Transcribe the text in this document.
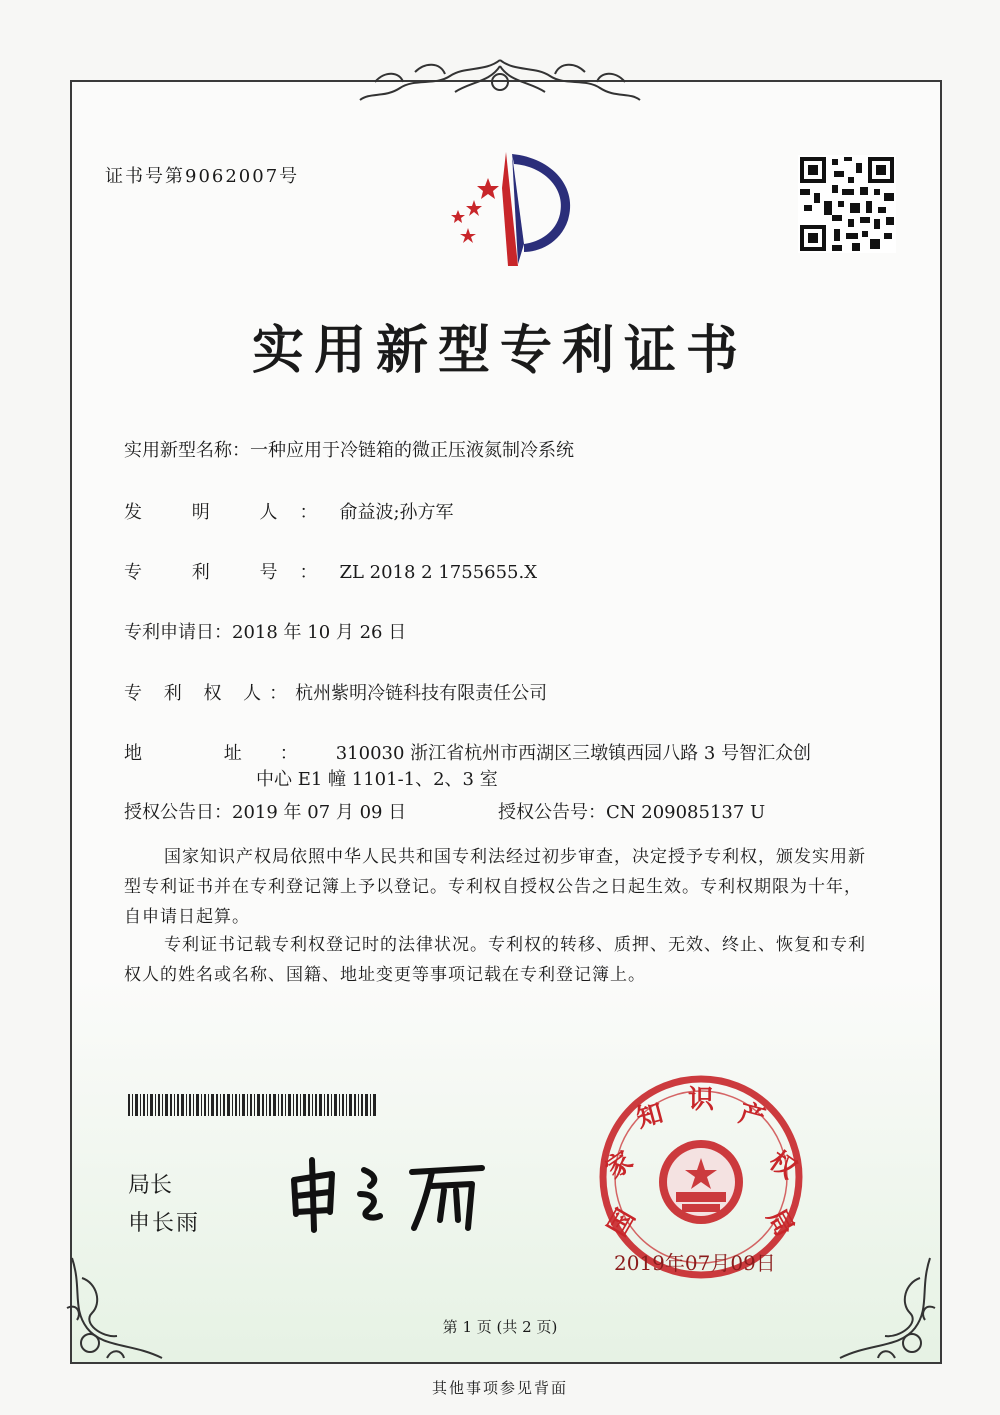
证书号第9062007号
实用新型专利证书
实用新型名称：一种应用于冷链箱的微正压液氮制冷系统
发 明 人：俞益波;孙方军
专 利 号：ZL 2018 2 1755655.X
专利申请日：2018 年 10 月 26 日
专 利 权 人：杭州紫明冷链科技有限责任公司
地 址：310030 浙江省杭州市西湖区三墩镇西园八路 3 号智汇众创
中心 E1 幢 1101-1、2、3 室
授权公告日：2019 年 07 月 09 日	授权公告号：CN 209085137 U
国家知识产权局依照中华人民共和国专利法经过初步审查，决定授予专利权，颁发实用新型专利证书并在专利登记簿上予以登记。专利权自授权公告之日起生效。专利权期限为十年，自申请日起算。
专利证书记载专利权登记时的法律状况。专利权的转移、质押、无效、终止、恢复和专利权人的姓名或名称、国籍、地址变更等事项记载在专利登记簿上。
局长
申长雨	国
家
知 识 产
权
局
2019年07月09日
第 1 页 (共 2 页)
其他事项参见背面
